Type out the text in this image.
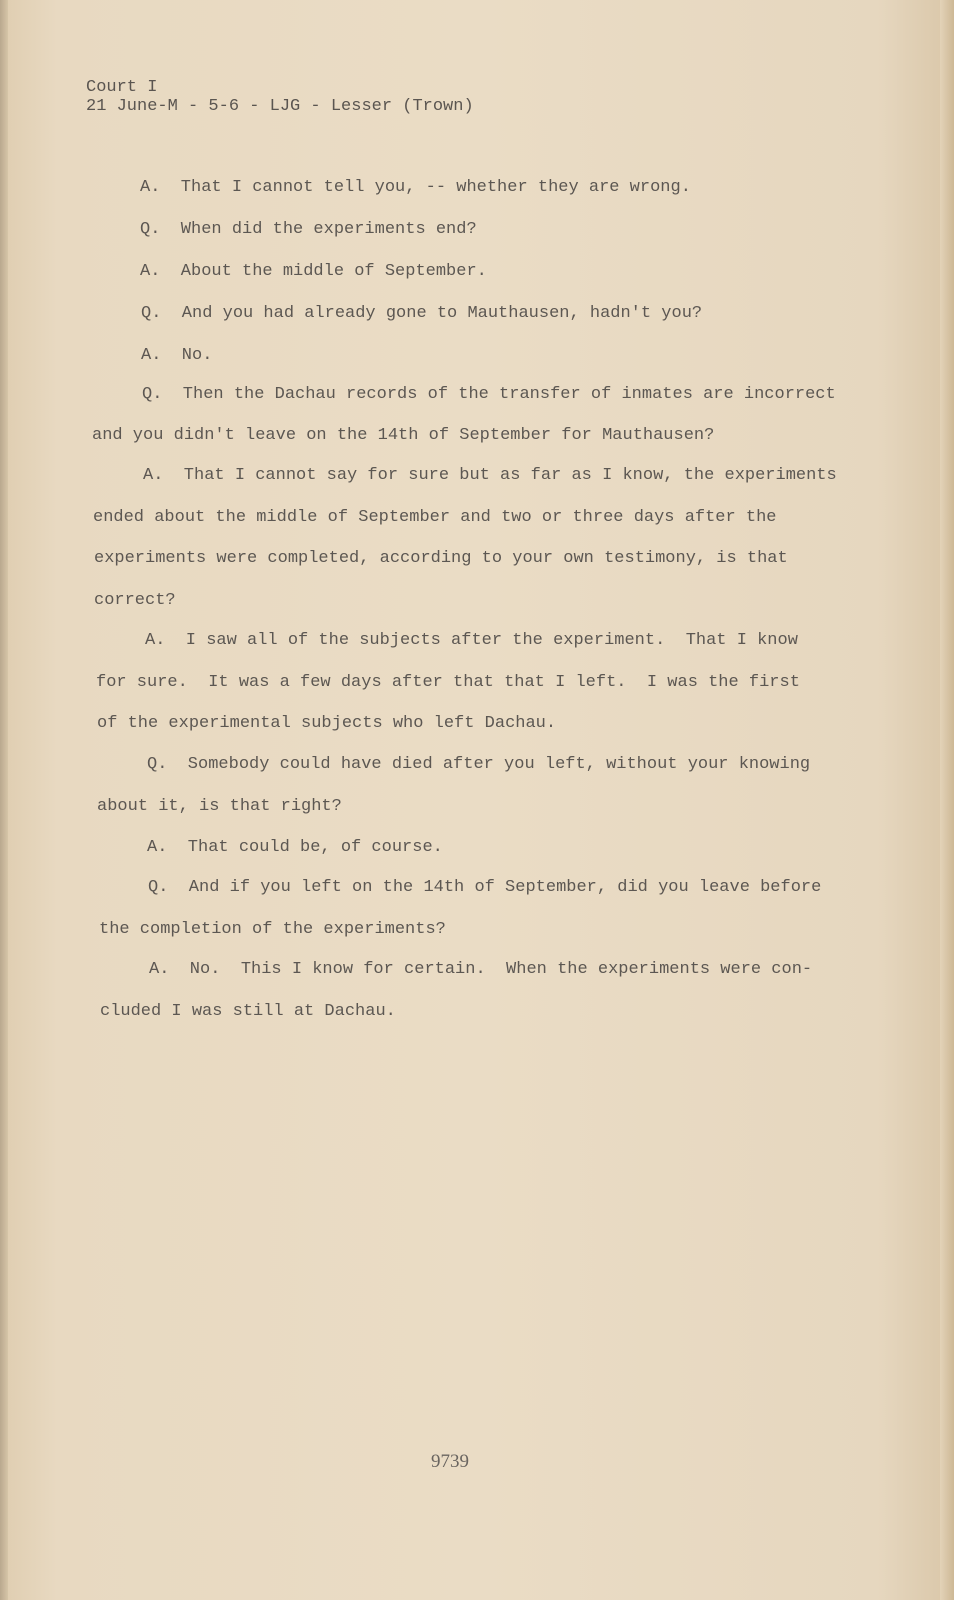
Court I
21 June-M - 5-6 - LJG - Lesser (Trown)
A.  That I cannot tell you, -- whether they are wrong.
Q.  When did the experiments end?
A.  About the middle of September.
Q.  And you had already gone to Mauthausen, hadn't you?
A.  No.
Q.  Then the Dachau records of the transfer of inmates are incorrect
and you didn't leave on the 14th of September for Mauthausen?
A.  That I cannot say for sure but as far as I know, the experiments
ended about the middle of September and two or three days after the
experiments were completed, according to your own testimony, is that
correct?
A.  I saw all of the subjects after the experiment.  That I know
for sure.  It was a few days after that that I left.  I was the first
of the experimental subjects who left Dachau.
Q.  Somebody could have died after you left, without your knowing
about it, is that right?
A.  That could be, of course.
Q.  And if you left on the 14th of September, did you leave before
the completion of the experiments?
A.  No.  This I know for certain.  When the experiments were con-
cluded I was still at Dachau.
9739
